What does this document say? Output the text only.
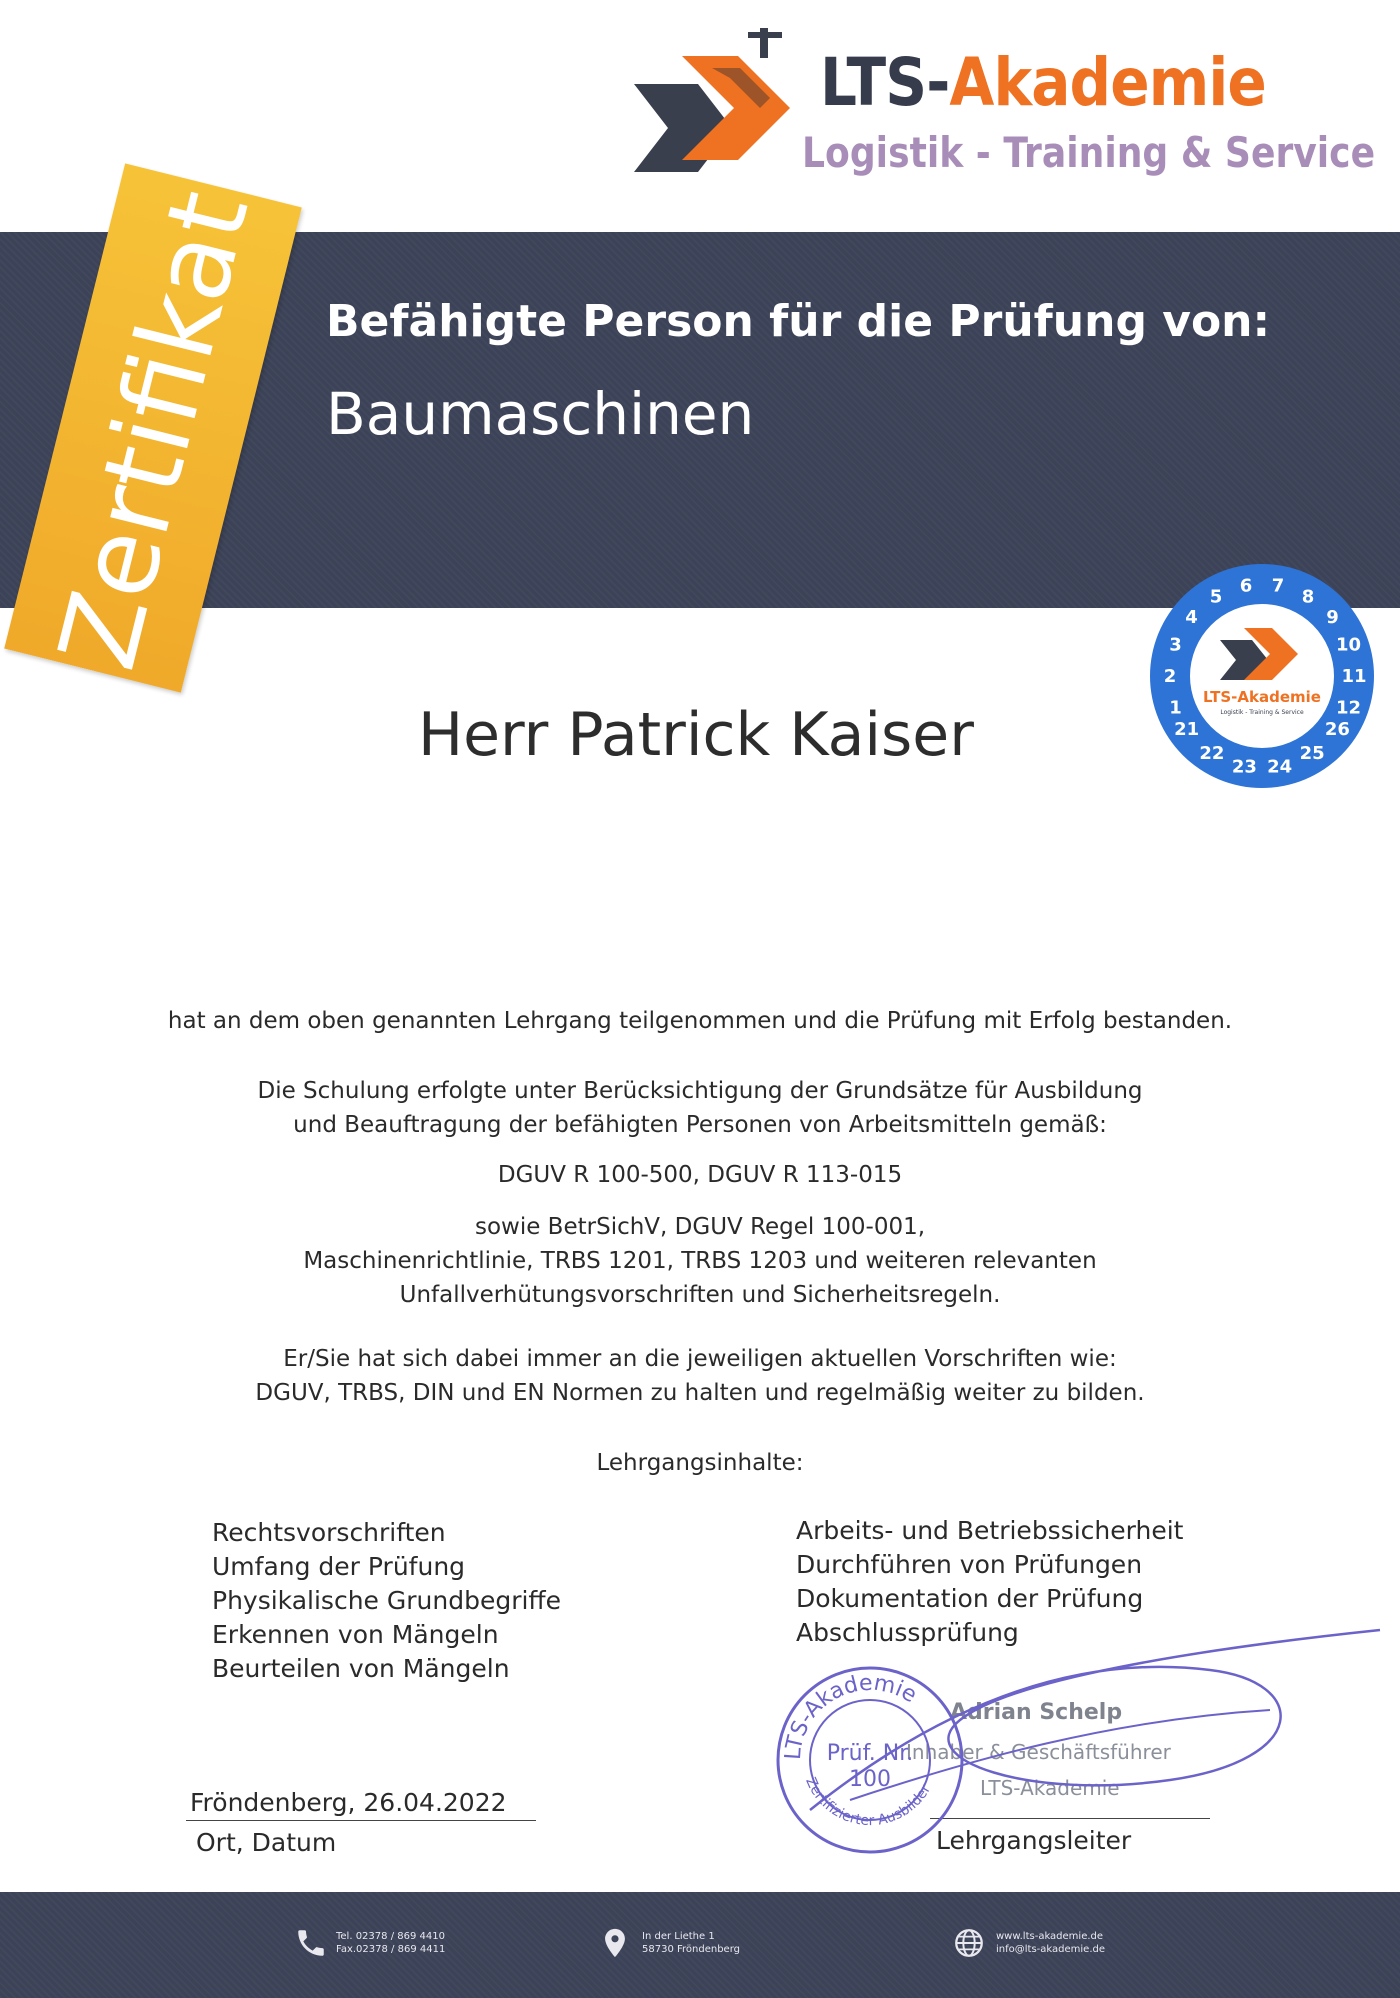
LTS-Akademie
Logistik - Training & Service
Befähigte Person für die Prüfung von:
Baumaschinen
Zertifikat
1
2
3
4
5
6 7
8
9
10
11
12
21
22
23 24
25
26
LTS-Akademie
Logistik - Training & Service
Herr Patrick Kaiser
hat an dem oben genannten Lehrgang teilgenommen und die Prüfung mit Erfolg bestanden.
Die Schulung erfolgte unter Berücksichtigung der Grundsätze für Ausbildung
und Beauftragung der befähigten Personen von Arbeitsmitteln gemäß:
DGUV R 100-500, DGUV R 113-015
sowie BetrSichV, DGUV Regel 100-001,
Maschinenrichtlinie, TRBS 1201, TRBS 1203 und weiteren relevanten
Unfallverhütungsvorschriften und Sicherheitsregeln.
Er/Sie hat sich dabei immer an die jeweiligen aktuellen Vorschriften wie:
DGUV, TRBS, DIN und EN Normen zu halten und regelmäßig weiter zu bilden.
Lehrgangsinhalte:
Rechtsvorschriften
Umfang der Prüfung
Physikalische Grundbegriffe
Erkennen von Mängeln
Beurteilen von Mängeln
Arbeits- und Betriebssicherheit
Durchführen von Prüfungen
Dokumentation der Prüfung
Abschlussprüfung
Fröndenberg, 26.04.2022
Ort, Datum
Adrian Schelp
Inhaber & Geschäftsführer
LTS-Akademie
Lehrgangsleiter
LTS-Akademie
Zertifizierter Ausbilder
Prüf. Nr.
100
Tel. 02378 / 869 4410
Fax.02378 / 869 4411
In der Liethe 1
58730 Fröndenberg
www.lts-akademie.de
info@lts-akademie.de
